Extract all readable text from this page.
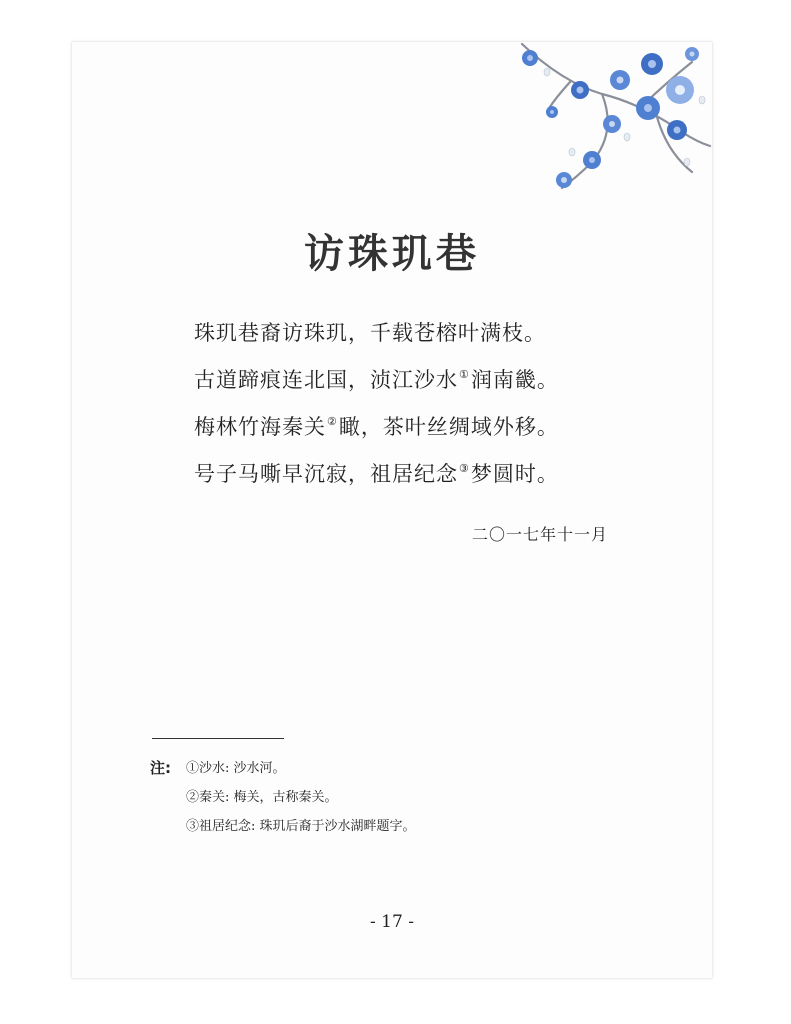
访珠玑巷
珠玑巷裔访珠玑，千载苍榕叶满枝。
古道蹄痕连北国，浈江沙水①润南畿。
梅林竹海秦关②瞰，茶叶丝绸域外移。
号子马嘶早沉寂，祖居纪念③梦圆时。
二〇一七年十一月
注: ①沙水: 沙水河。
②秦关: 梅关，古称秦关。
③祖居纪念: 珠玑后裔于沙水湖畔题字。
- 17 -
